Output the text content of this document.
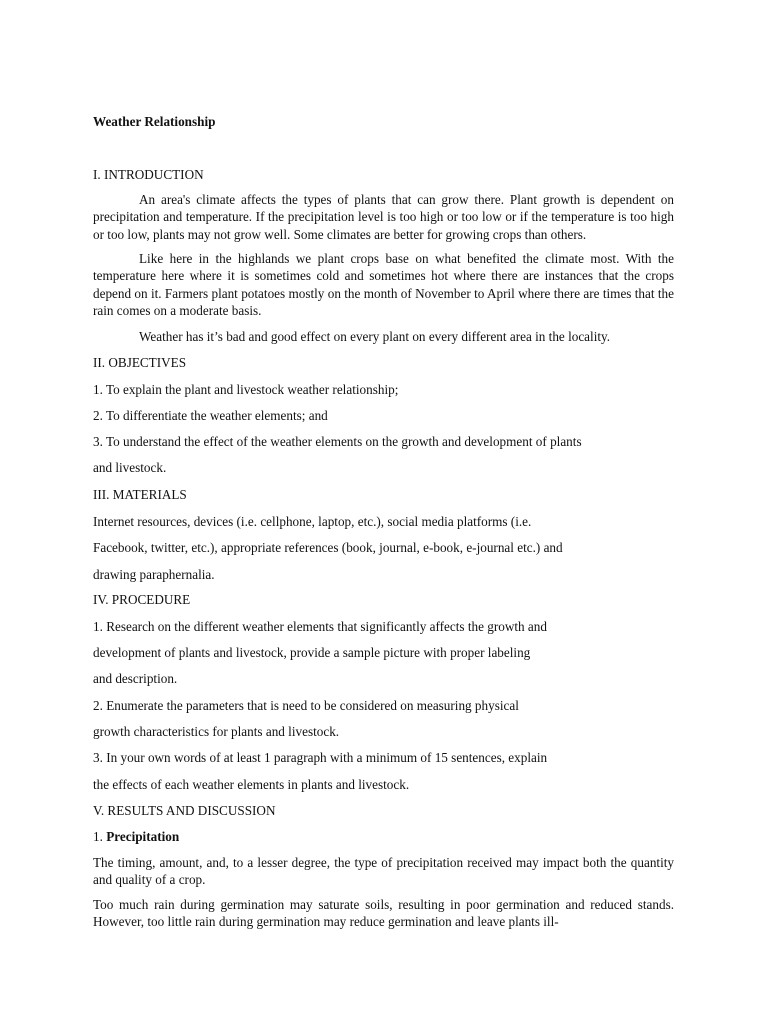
Weather Relationship
I. INTRODUCTION

An area's climate affects the types of plants that can grow there. Plant growth is dependent on precipitation and temperature. If the precipitation level is too high or too low or if the temperature is too high or too low, plants may not grow well. Some climates are better for growing crops than others.

Like here in the highlands we plant crops base on what benefited the climate most. With the temperature here where it is sometimes cold and sometimes hot where there are instances that the crops depend on it. Farmers plant potatoes mostly on the month of November to April where there are times that the rain comes on a moderate basis.

Weather has it’s bad and good effect on every plant on every different area in the locality.

II. OBJECTIVES
1. To explain the plant and livestock weather relationship;
2. To differentiate the weather elements; and
3. To understand the effect of the weather elements on the growth and development of plants
and livestock.
III. MATERIALS
Internet resources, devices (i.e. cellphone, laptop, etc.), social media platforms (i.e.
Facebook, twitter, etc.), appropriate references (book, journal, e-book, e-journal etc.) and
drawing paraphernalia.
IV. PROCEDURE
1. Research on the different weather elements that significantly affects the growth and
development of plants and livestock, provide a sample picture with proper labeling
and description.
2. Enumerate the parameters that is need to be considered on measuring physical
growth characteristics for plants and livestock.
3. In your own words of at least 1 paragraph with a minimum of 15 sentences, explain
the effects of each weather elements in plants and livestock.
V. RESULTS AND DISCUSSION
1. Precipitation

The timing, amount, and, to a lesser degree, the type of precipitation received may impact both the quantity and quality of a crop.

Too much rain during germination may saturate soils, resulting in poor germination and reduced stands. However, too little rain during germination may reduce germination and leave plants ill-
